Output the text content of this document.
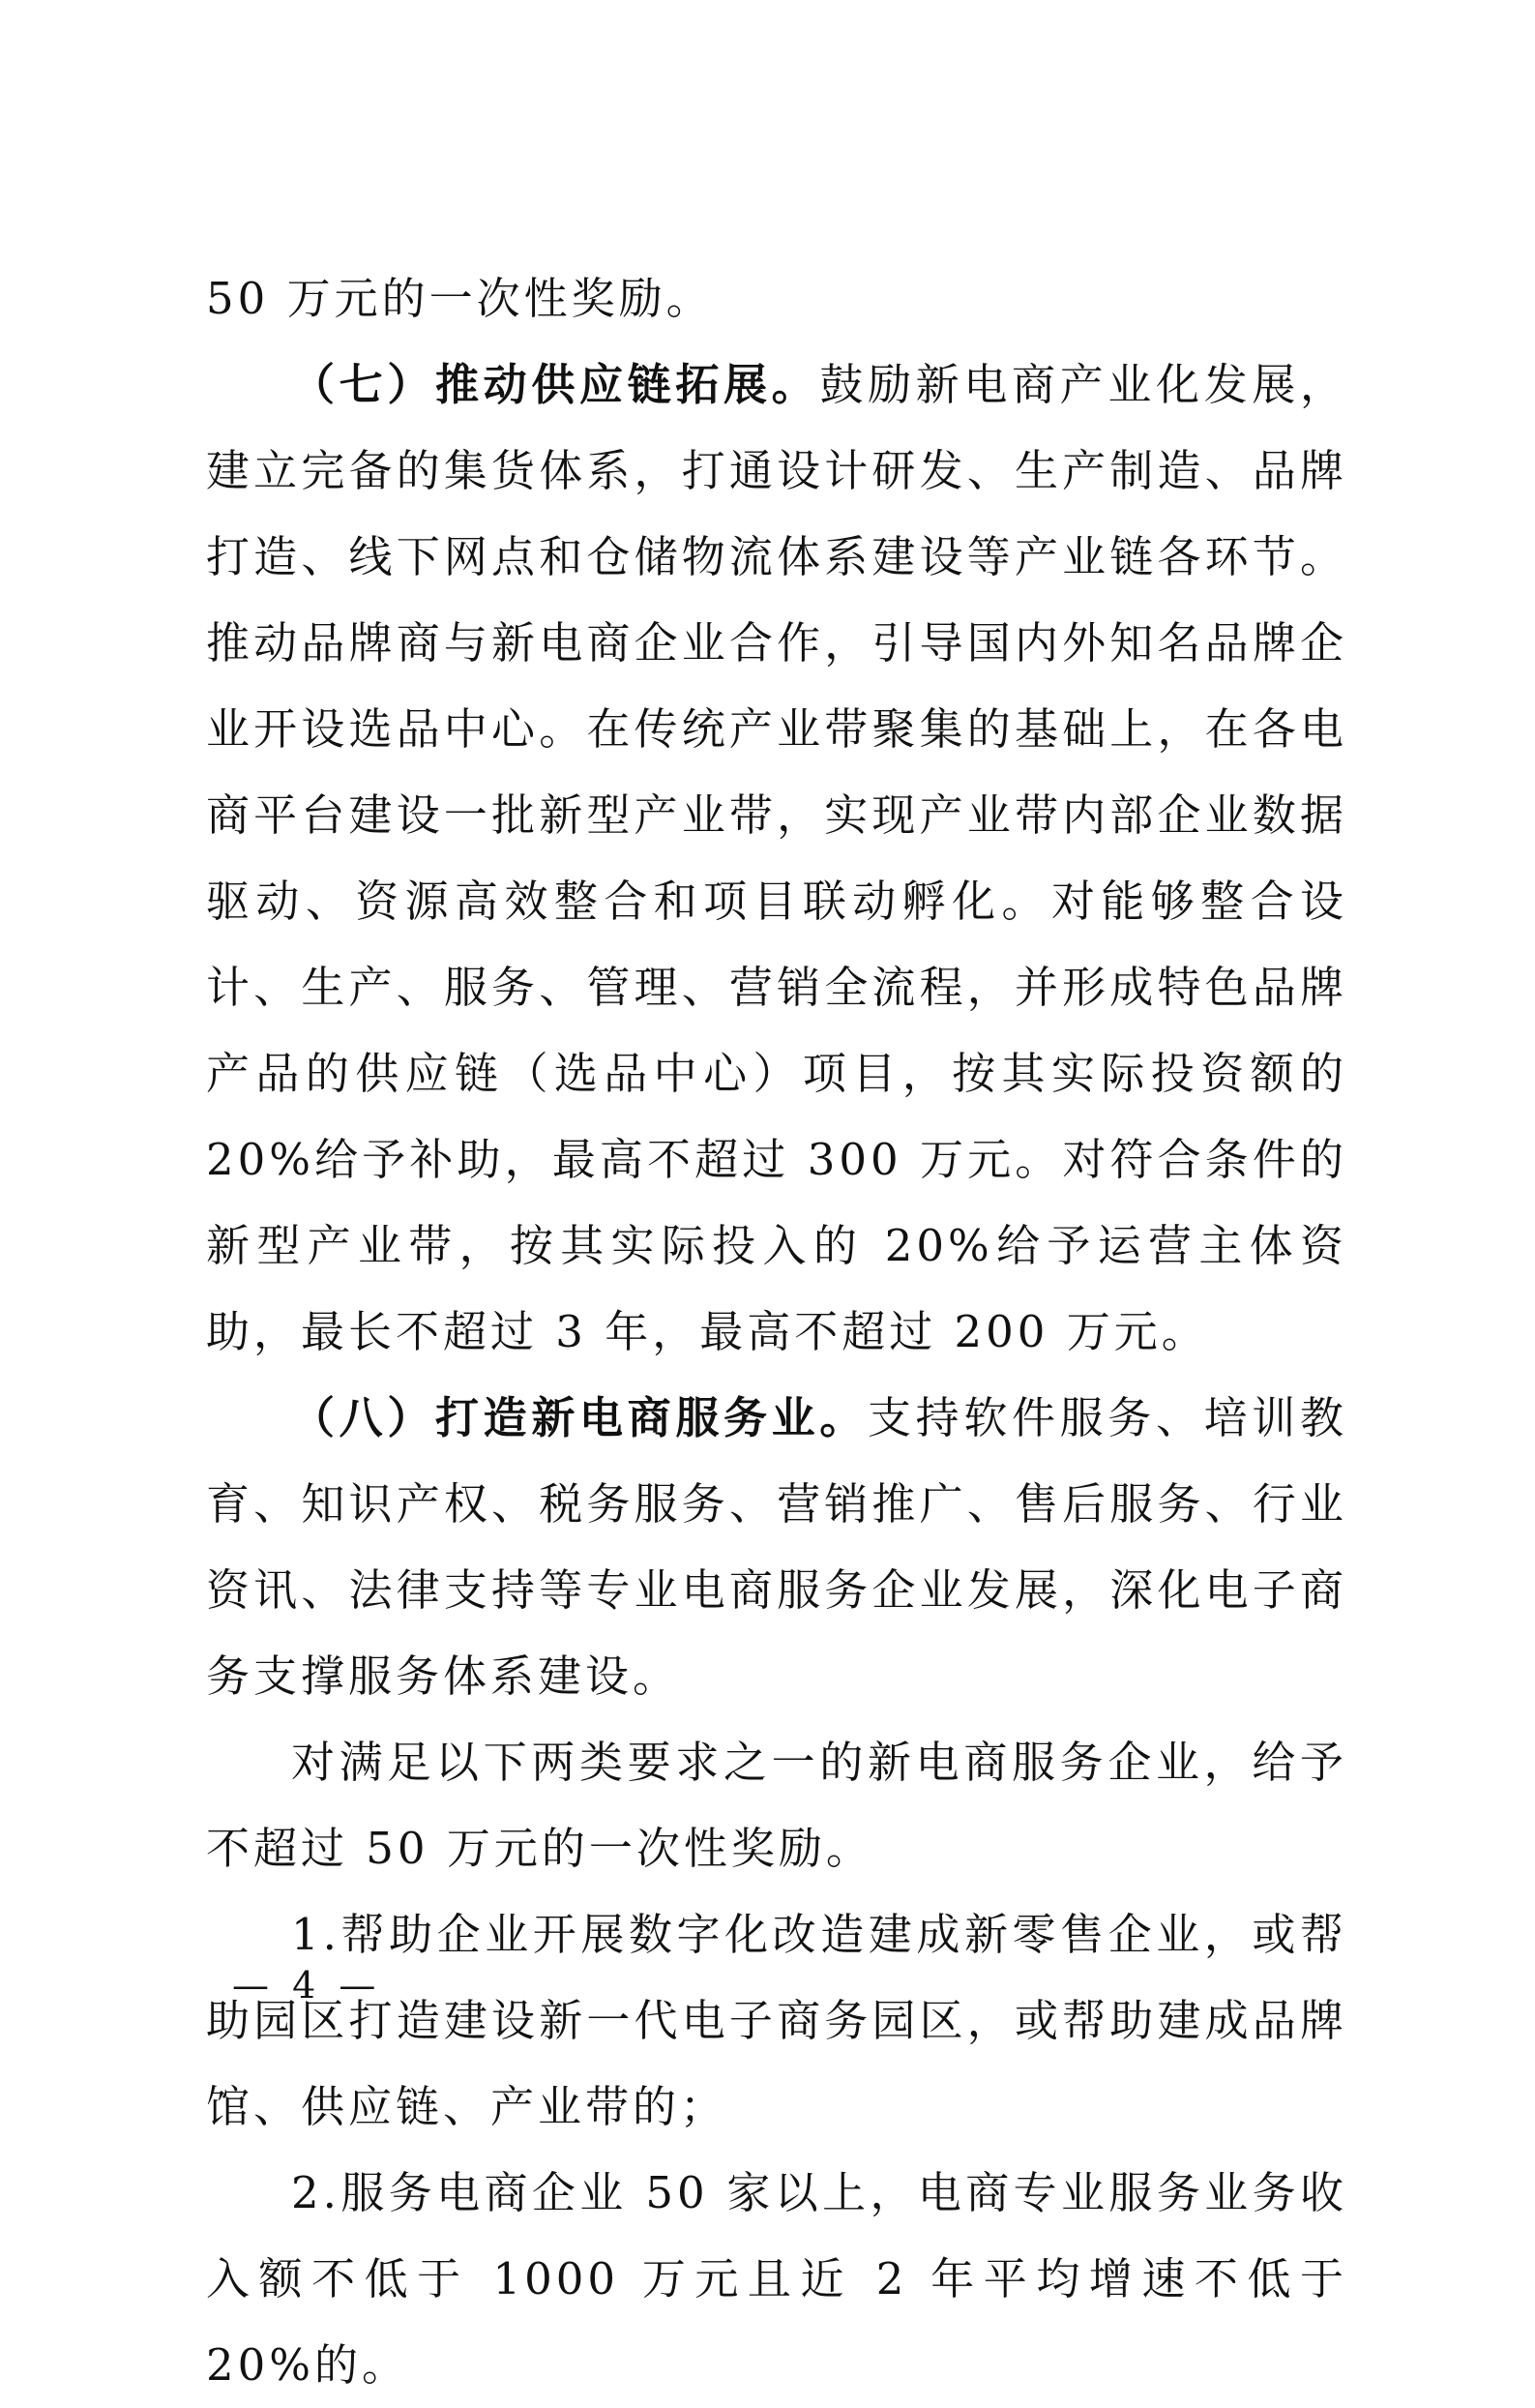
50 万元的一次性奖励。

（七）推动供应链拓展。鼓励新电商产业化发展，建立完备的集货体系，打通设计研发、生产制造、品牌打造、线下网点和仓储物流体系建设等产业链各环节。推动品牌商与新电商企业合作，引导国内外知名品牌企业开设选品中心。在传统产业带聚集的基础上，在各电商平台建设一批新型产业带，实现产业带内部企业数据驱动、资源高效整合和项目联动孵化。对能够整合设计、生产、服务、管理、营销全流程，并形成特色品牌产品的供应链（选品中心）项目，按其实际投资额的 20%给予补助，最高不超过 300 万元。对符合条件的新型产业带，按其实际投入的 20%给予运营主体资助，最长不超过 3 年，最高不超过 200 万元。

（八）打造新电商服务业。支持软件服务、培训教育、知识产权、税务服务、营销推广、售后服务、行业资讯、法律支持等专业电商服务企业发展，深化电子商务支撑服务体系建设。

对满足以下两类要求之一的新电商服务企业，给予不超过 50 万元的一次性奖励。

1.帮助企业开展数字化改造建成新零售企业，或帮助园区打造建设新一代电子商务园区，或帮助建成品牌馆、供应链、产业带的；

2.服务电商企业 50 家以上，电商专业服务业务收入额不低于 1000 万元且近 2 年平均增速不低于 20%的。

— 4 —
